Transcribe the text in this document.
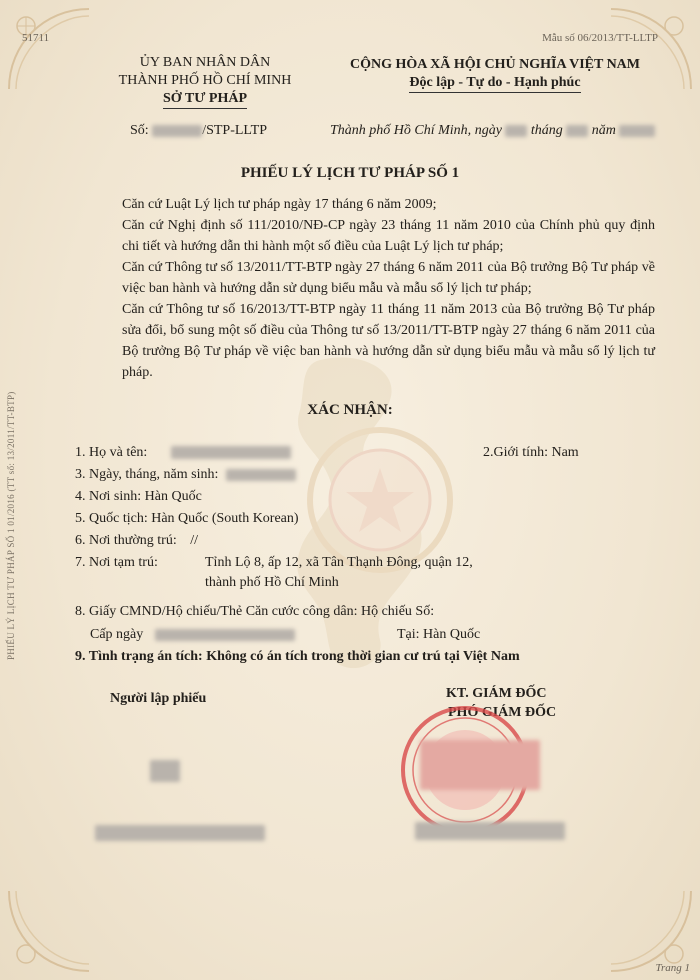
51711	Mẫu số 06/2013/TT-LLTP
ỦY BAN NHÂN DÂN
THÀNH PHỐ HỒ CHÍ MINH
SỞ TƯ PHÁP
CỘNG HÒA XÃ HỘI CHỦ NGHĨA VIỆT NAM
Độc lập - Tự do - Hạnh phúc
Số:	/STP-LLTP	Thành phố Hồ Chí Minh, ngày tháng năm
PHIẾU LÝ LỊCH TƯ PHÁP SỐ 1
Căn cứ Luật Lý lịch tư pháp ngày 17 tháng 6 năm 2009;
Căn cứ Nghị định số 111/2010/NĐ-CP ngày 23 tháng 11 năm 2010 của Chính phủ quy định chi tiết và hướng dẫn thi hành một số điều của Luật Lý lịch tư pháp;
Căn cứ Thông tư số 13/2011/TT-BTP ngày 27 tháng 6 năm 2011 của Bộ trưởng Bộ Tư pháp về việc ban hành và hướng dẫn sử dụng biểu mẫu và mẫu sổ lý lịch tư pháp;
Căn cứ Thông tư số 16/2013/TT-BTP ngày 11 tháng 11 năm 2013 của Bộ trưởng Bộ Tư pháp sửa đổi, bổ sung một số điều của Thông tư số 13/2011/TT-BTP ngày 27 tháng 6 năm 2011 của Bộ trưởng Bộ Tư pháp về việc ban hành và hướng dẫn sử dụng biểu mẫu và mẫu sổ lý lịch tư pháp.
XÁC NHẬN:
1. Họ và tên:	2.Giới tính: Nam
3. Ngày, tháng, năm sinh:
4. Nơi sinh: Hàn Quốc
5. Quốc tịch: Hàn Quốc (South Korean)
6. Nơi thường trú: //
7. Nơi tạm trú:	Tỉnh Lộ 8, ấp 12, xã Tân Thạnh Đông, quận 12,
thành phố Hồ Chí Minh
8. Giấy CMND/Hộ chiếu/Thẻ Căn cước công dân: Hộ chiếu Số:
Cấp ngày	Tại: Hàn Quốc
9. Tình trạng án tích: Không có án tích trong thời gian cư trú tại Việt Nam
Người lập phiếu	KT. GIÁM ĐỐC
PHÓ GIÁM ĐỐC
PHIẾU LÝ LỊCH TƯ PHÁP SỐ 1 01/2016 (TT số: 13/2011/TT-BTP)
Trang 1
